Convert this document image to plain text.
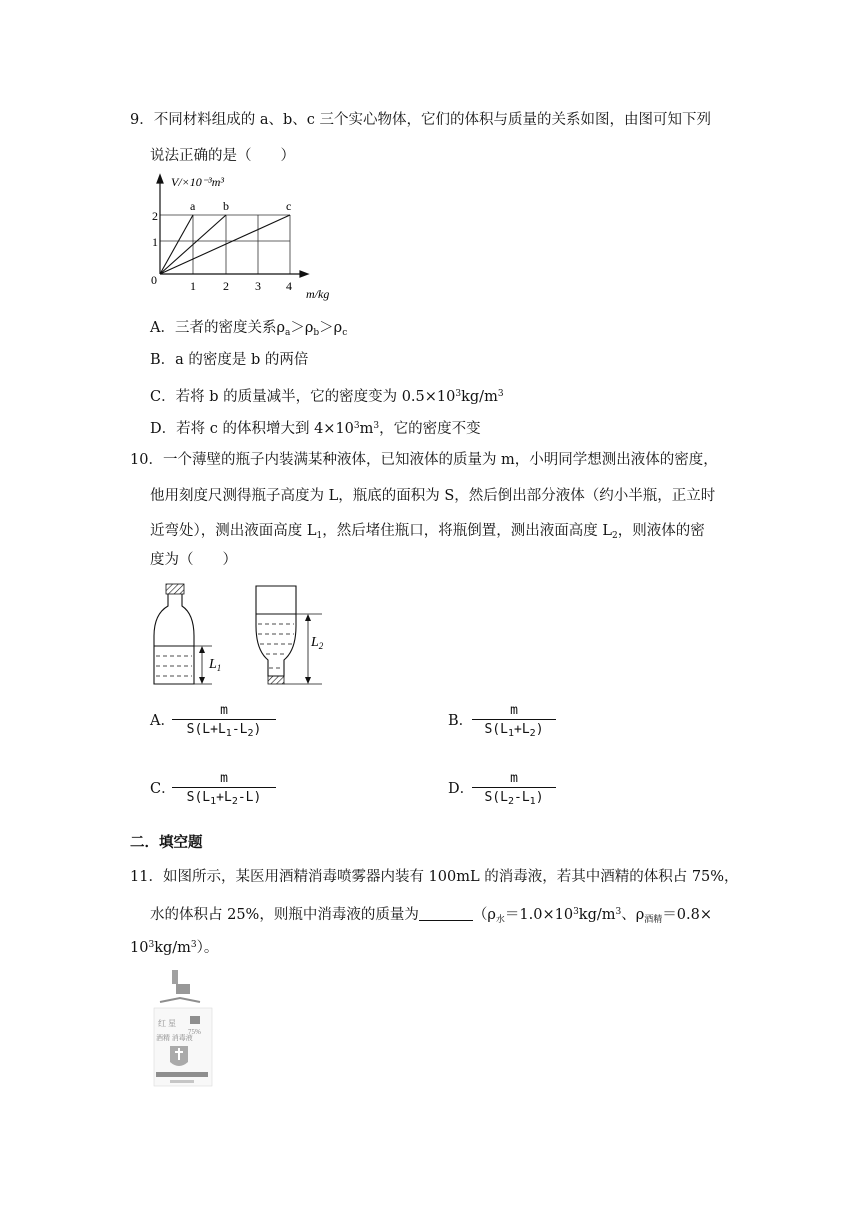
9．不同材料组成的 a、b、c 三个实心物体，它们的体积与质量的关系如图，由图可知下列
说法正确的是（　　）
V/×10⁻³m³
2
1
0	1 2 3 4
m/kg
a b	c
A．三者的密度关系$\rho_a>\rho_b>\rho_c$
B．a 的密度是 b 的两倍
C．若将 b 的质量减半，它的密度变为 $0.5\times 10^3kg/m^3$
D．若将 c 的体积增大到 $4\times 10^3m^3$，它的密度不变
10．一个薄壁的瓶子内装满某种液体，已知液体的质量为 m，小明同学想测出液体的密度，
他用刻度尺测得瓶子高度为 L，瓶底的面积为 S，然后倒出部分液体（约小半瓶，正立时
近弯处），测出液面高度 $L_1$，然后堵住瓶口，将瓶倒置，测出液面高度 $L_2$，则液体的密
度为（　　）
$L_1$
$L_2$
A．
m
$S(L+L_1-L_2)$
B．
m
$S(L_1+L_2)$
C．
m
$S(L_1+L_2-L)$
D．
m
$S(L_2-L_1)$
二．填空题
11．如图所示，某医用酒精消毒喷雾器内装有 100mL 的消毒液，若其中酒精的体积占 75%，
水的体积占 25%，则瓶中消毒液的质量为	（$\rho_水=1.0\times 10^3kg/m^3$、$\rho_{酒精}=0.8\times$
$10^3kg/m^3$）。
红 星
75%
酒精 消毒液
